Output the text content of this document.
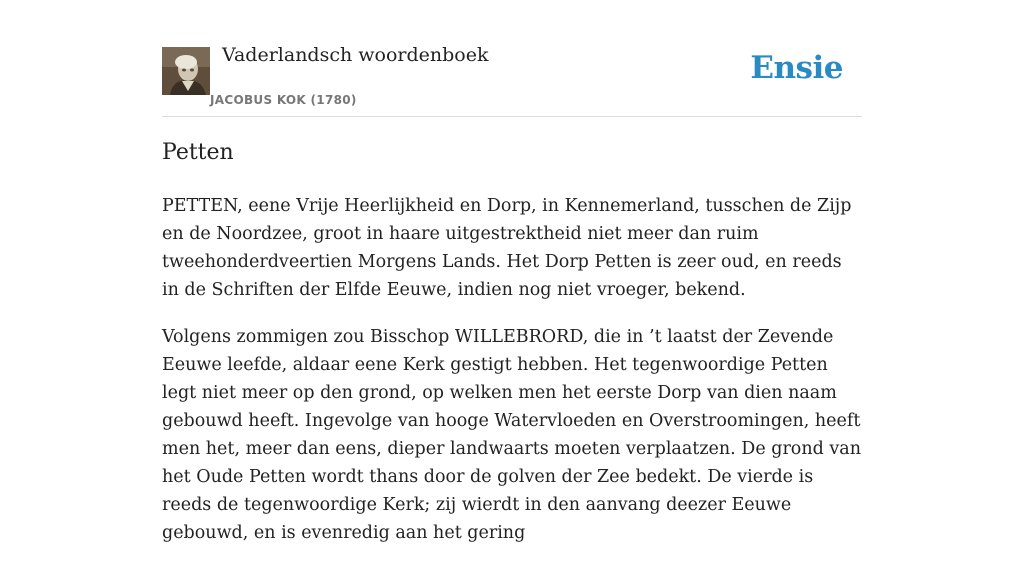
Vaderlandsch woordenboek
JACOBUS KOK (1780)
Ensie
Petten

PETTEN, eene Vrije Heerlijkheid en Dorp, in Kennemerland, tusschen de Zijp en de Noordzee, groot in haare uitgestrektheid niet meer dan ruim tweehonderdveertien Morgens Lands. Het Dorp Petten is zeer oud, en reeds in de Schriften der Elfde Eeuwe, indien nog niet vroeger, bekend.

Volgens zommigen zou Bisschop WILLEBRORD, die in ’t laatst der Zevende Eeuwe leefde, aldaar eene Kerk gestigt hebben. Het tegenwoordige Petten legt niet meer op den grond, op welken men het eerste Dorp van dien naam gebouwd heeft. Ingevolge van hooge Watervloeden en Overstroomingen, heeft men het, meer dan eens, dieper landwaarts moeten verplaatzen. De grond van het Oude Petten wordt thans door de golven der Zee bedekt. De vierde is reeds de tegenwoordige Kerk; zij wierdt in den aanvang deezer Eeuwe gebouwd, en is evenredig aan het gering
